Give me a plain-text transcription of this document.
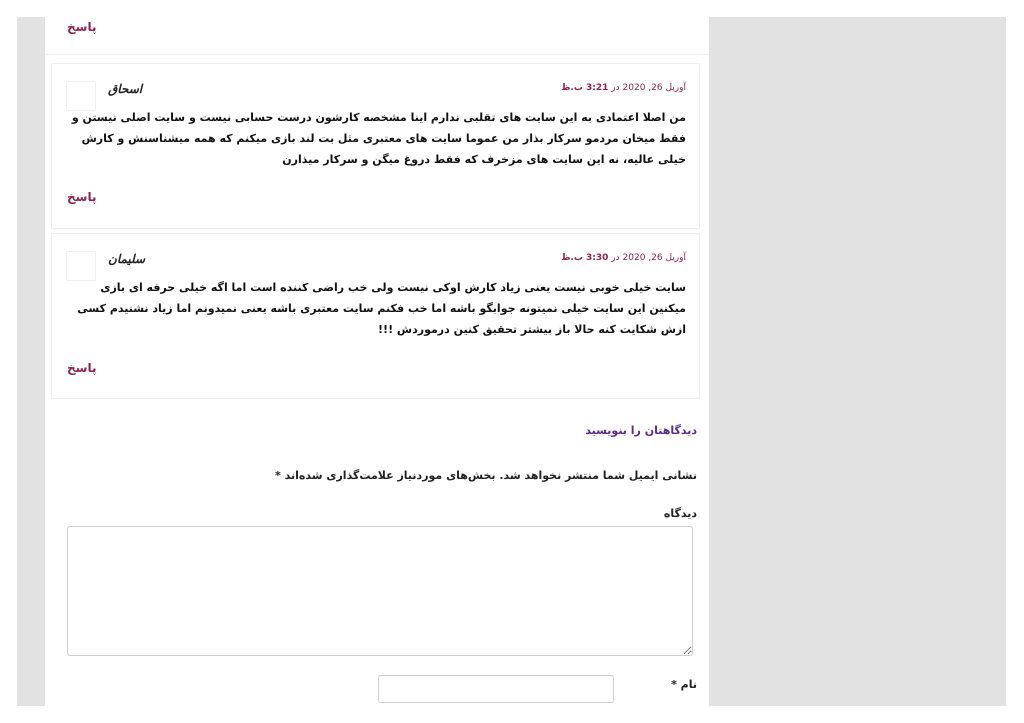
پاسخ
اسحاق	آوریل 26, 2020 در 3:21 ب.ظ
من اصلا اعتمادی به این سایت های تقلبی ندارم اینا مشخصه کارشون درست حسابی نیست و سایت اصلی نیستن و فقط میخان مردمو سرکار بذار من عموما سایت های معتبری مثل بت لند بازی میکنم که همه میشناسنش و کارش خیلی عالیه، نه این سایت های مزخرف که فقط دروغ میگن و سرکار میذارن
پاسخ
سلیمان	آوریل 26, 2020 در 3:30 ب.ظ
سایت خیلی خوبی نیست یعنی زیاد کارش اوکی نیست ولی خب راضی کننده است اما اگه خیلی حرفه ای بازی میکنین این سایت خیلی نمیتونه جوابگو باشه اما خب فکنم سایت معتبری باشه یعنی نمیدونم اما زیاد نشنیدم کسی ازش شکایت کنه حالا باز بیشتر تحقیق کنین درموردش !!!
پاسخ
دیدگاهتان را بنویسید
نشانی ایمیل شما منتشر نخواهد شد. بخش‌های موردنیاز علامت‌گذاری شده‌اند *
دیدگاه
نام *
